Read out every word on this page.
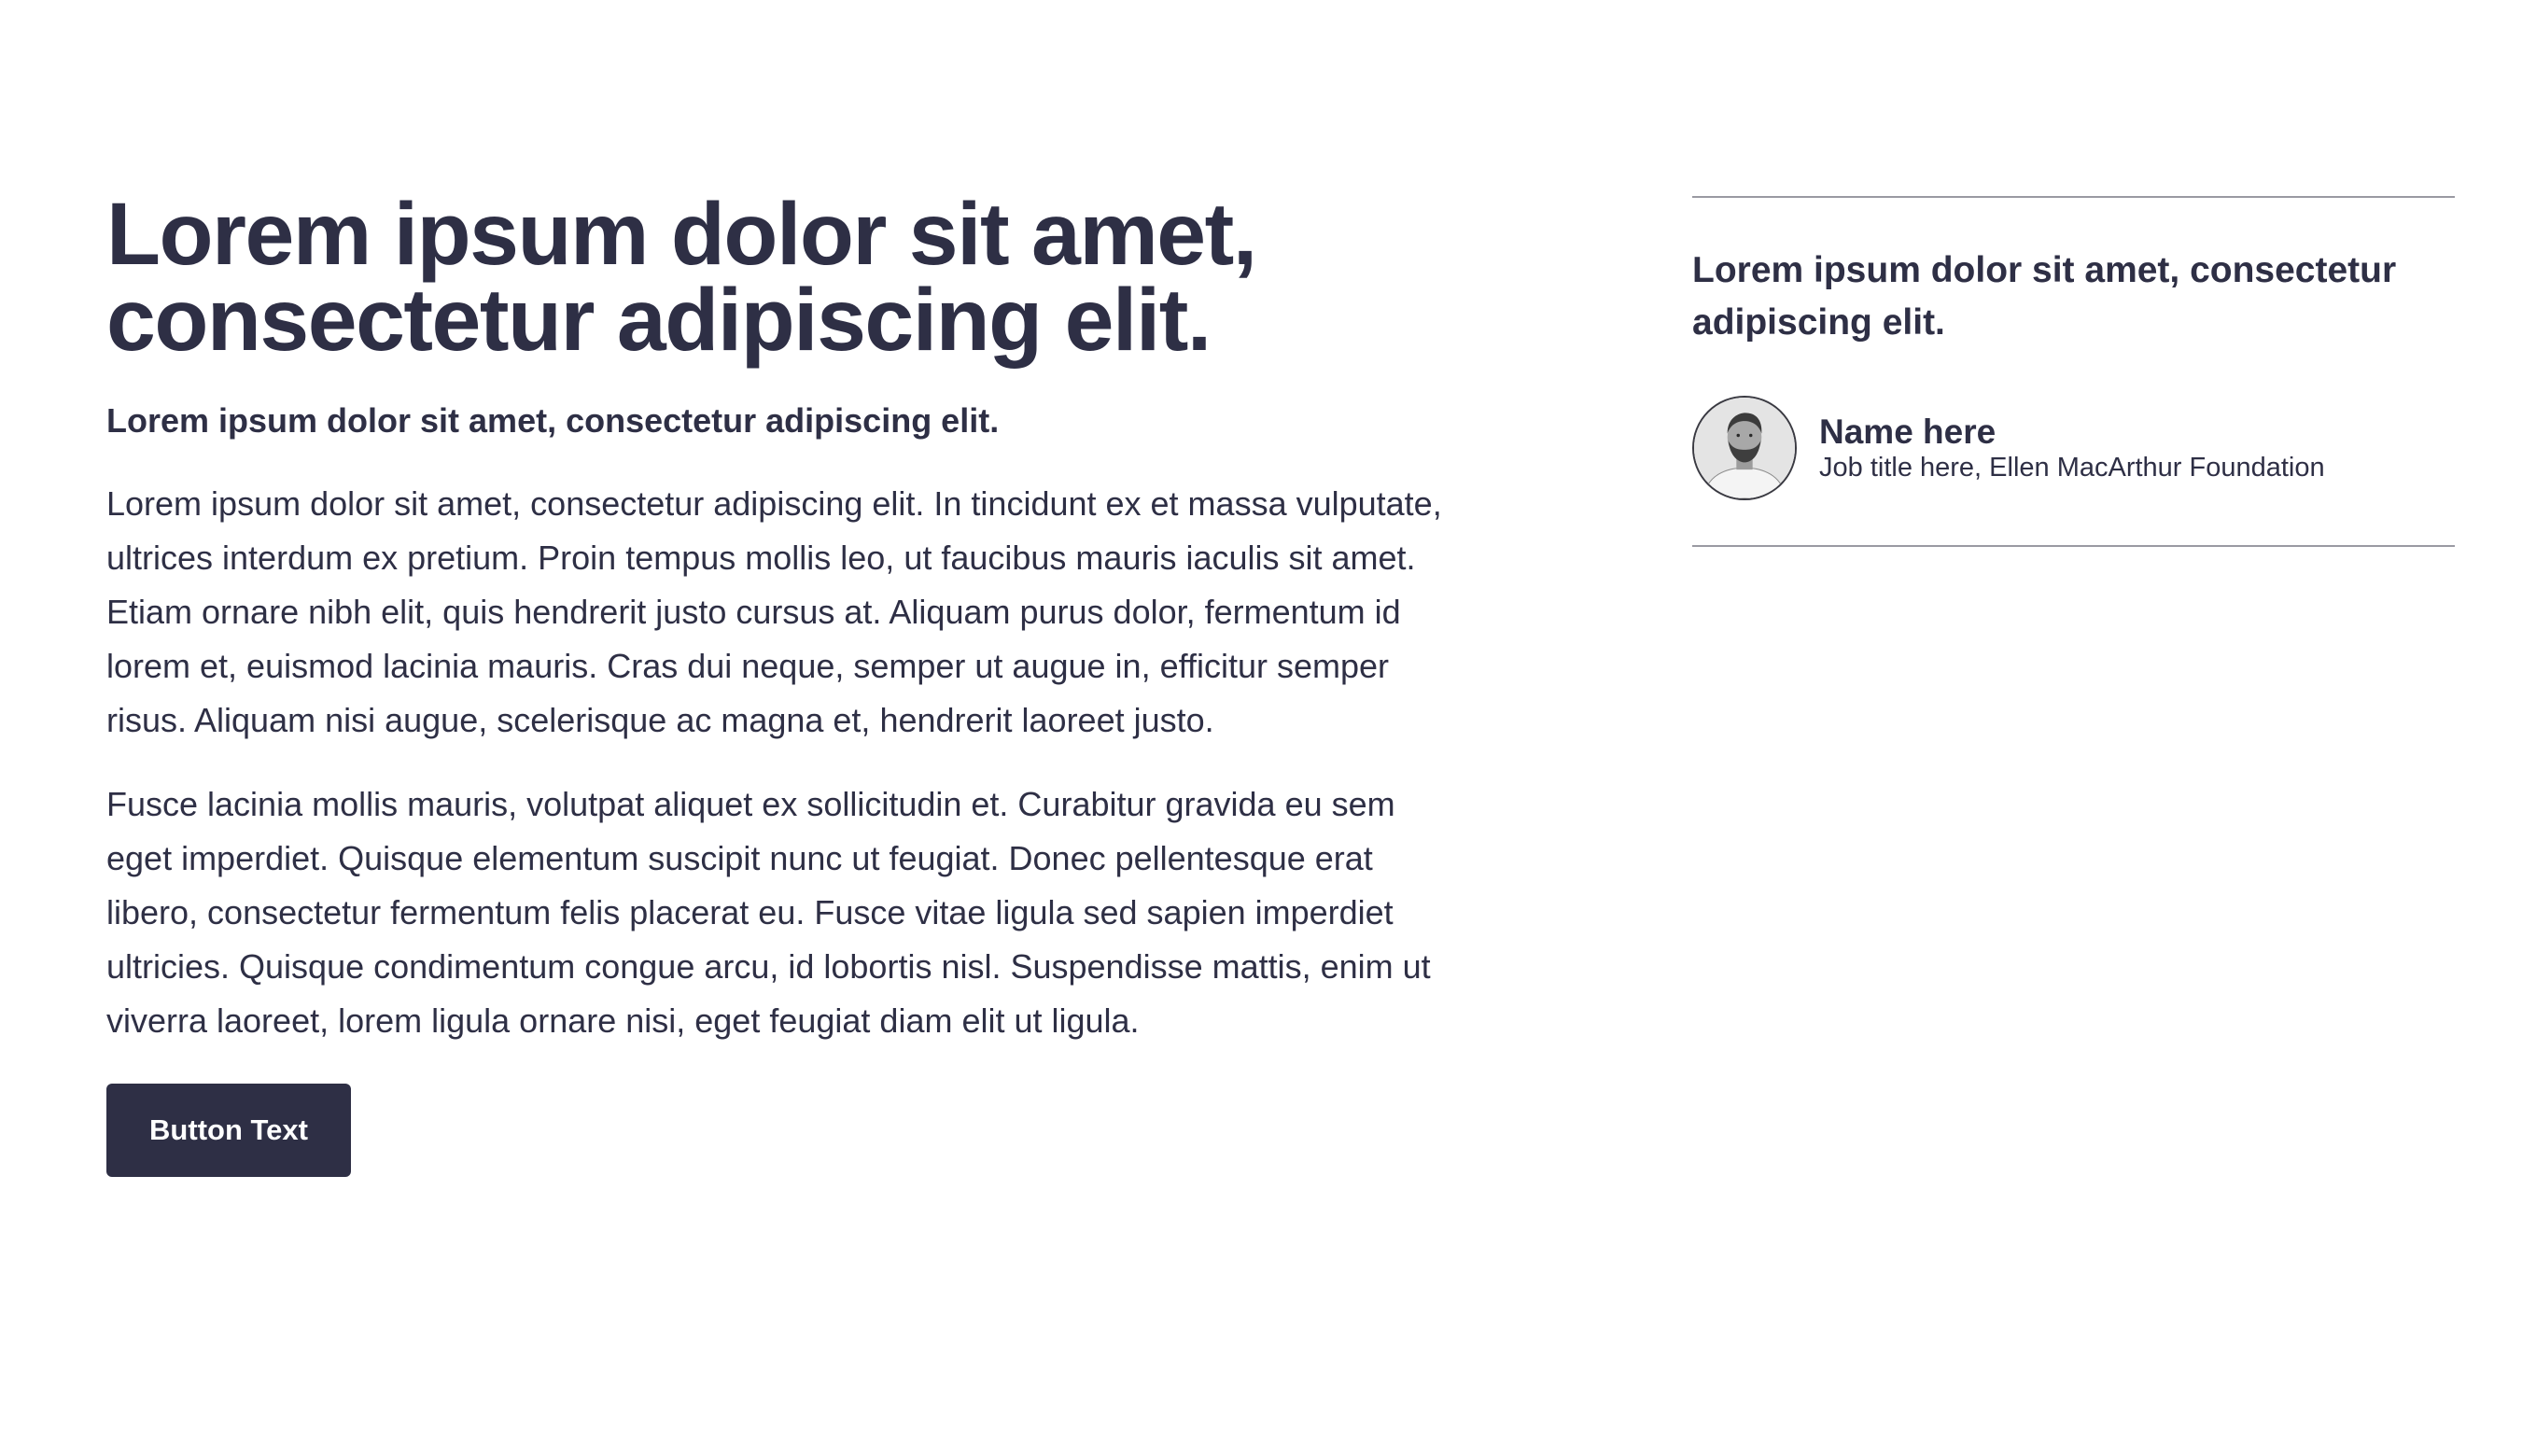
Lorem ipsum dolor sit amet,
consectetur adipiscing elit.

Lorem ipsum dolor sit amet, consectetur adipiscing elit.

Lorem ipsum dolor sit amet, consectetur adipiscing elit. In tincidunt ex et massa vulputate, ultrices interdum ex pretium. Proin tempus mollis leo, ut faucibus mauris iaculis sit amet. Etiam ornare nibh elit, quis hendrerit justo cursus at. Aliquam purus dolor, fermentum id lorem et, euismod lacinia mauris. Cras dui neque, semper ut augue in, efficitur semper risus. Aliquam nisi augue, scelerisque ac magna et, hendrerit laoreet justo.

Fusce lacinia mollis mauris, volutpat aliquet ex sollicitudin et. Curabitur gravida eu sem eget imperdiet. Quisque elementum suscipit nunc ut feugiat. Donec pellentesque erat libero, consectetur fermentum felis placerat eu. Fusce vitae ligula sed sapien imperdiet ultricies. Quisque condimentum congue arcu, id lobortis nisl. Suspendisse mattis, enim ut viverra laoreet, lorem ligula ornare nisi, eget feugiat diam elit ut ligula.

Button Text

Lorem ipsum dolor sit amet, consectetur adipiscing elit.

Name here
Job title here, Ellen MacArthur Foundation
